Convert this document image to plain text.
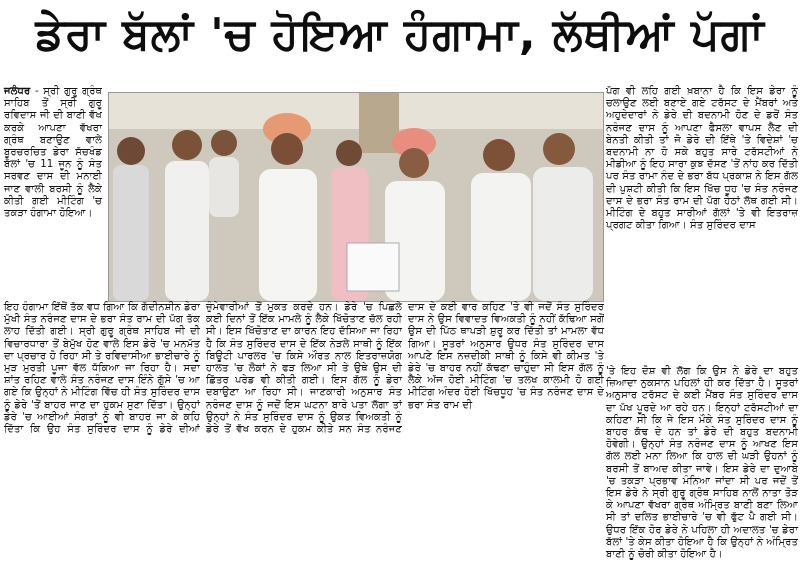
ਡੇਰਾ ਬੱਲਾਂ 'ਚ ਹੋਇਆ ਹੰਗਾਮਾ, ਲੱਥੀਆਂ ਪੱਗਾਂ

ਜਲੰਧਰ - ਸ੍ਰੀ ਗੁਰੂ ਗ੍ਰੰਥ ਸਾਹਿਬ ਤੋਂ ਸ੍ਰੀ ਗੁਰੂ ਰਵਿਦਾਸ ਜੀ ਦੀ ਬਾਣੀ ਵੱਖ ਕਰਕੇ ਆਪਣਾ ਵੱਖਰਾ ਗ੍ਰੰਥ ਬਣਾਉਣ ਵਾਲੇ ਬੂਰਚਰਚਿਤ ਡੇਰਾ ਸੱਚਖੰਡ ਬੱਲਾਂ 'ਚ 11 ਜੂਨ ਨੂੰ ਸੰਤ ਸਰਵਣ ਦਾਸ ਦੀ ਮਨਾਈ ਜਾਣ ਵਾਲੀ ਬਰਸੀ ਨੂੰ ਲੈਕੇ ਕੀਤੀ ਗਈ ਮੀਟਿੰਗ 'ਚ ਤਕੜਾ ਹੰਗਾਮਾ ਹੋਇਆ।

ਪੱਗ ਵੀ ਲਹਿ ਗਈ ਖ਼ਬਾਨਾ ਹੈ ਕਿ ਇਸ ਡੇਰਾ ਨੂੰ ਚਲਾਉਣ ਲਈ ਬਣਾਏ ਗਏ ਟਰੱਸਟ ਦੇ ਮੈਂਬਰਾਂ ਅਤੇ ਅਹੁਦੇਦਾਰਾਂ ਨੇ ਡੇਰੇ ਦੀ ਬਦਨਾਮੀ ਹੋਣ ਦੇ ਡਰੋਂ ਸੰਤ ਨਰੰਜਣ ਦਾਸ ਨੂੰ ਆਪਣਾ ਫੈਸਲਾ ਵਾਪਸ ਲੈਣ ਦੀ ਬੇਨਤੀ ਕੀਤੀ ਤਾਂ ਜੋ ਡੇਰੇ ਦੀ ਇੱਥੇ 'ਤੇ ਵਿਦੇਸ਼ਾਂ 'ਚ ਬਦਨਾਮੀ ਨਾ ਹੋ ਸਕੇ ਬਹੁਤ ਸਾਰੇ ਟਰੱਸਟੀਆਂ ਨੇ ਮੀਡੀਆ ਨੂੰ ਇਹ ਸਾਰਾ ਕੁਝ ਦੱਸਣ 'ਤੋਂ ਨਾਂਹ ਕਰ ਦਿੱਤੀ ਪਰ ਸੰਤ ਰਾਮਾ ਨੰਦ ਦੇ ਭਰਾ ਬੱਧ ਪ੍ਰਕਾਸ਼ ਨੇ ਇਸ ਗੱਲ ਦੀ ਪੁਸ਼ਟੀ ਕੀਤੀ ਕਿ ਇਸ ਖਿੱਚ ਧੂਹ 'ਚ ਸੰਤ ਨਰੰਜਣ ਦਾਸ ਦੇ ਭਰਾ ਸੰਤ ਰਾਮ ਦੀ ਪੱਗ ਹੇਠਾਂ ਲੱਥ ਗਈ ਸੀ। ਮੀਟਿੰਗ ਦੇ ਬਹੁਤ ਸਾਰੀਆਂ ਗੱਲਾਂ 'ਤੇ ਵੀ ਇਤਰਾਜ਼ ਪ੍ਰਗਟ ਕੀਤਾ ਗਿਆ। ਸੰਤ ਸੁਰਿੰਦਰ ਦਾਸ

ਇਹ ਹੰਗਾਮਾ ਇੱਥੋਂ ਤੱਕ ਵਧ ਗਿਆ ਕਿ ਗੱਦੀਨਸ਼ੀਨ ਡੇਰਾ ਮੁੱਖੀ ਸੰਤ ਨਰੰਜਣ ਦਾਸ ਦੇ ਭਰਾ ਸੰਤ ਰਾਮ ਦੀ ਪੱਗ ਤੱਕ ਲਾਹ ਦਿੱਤੀ ਗਈ। ਸ੍ਰੀ ਗੁਰੂ ਗ੍ਰੰਥ ਸਾਹਿਬ ਜੀ ਦੀ ਵਿਚਾਰਧਾਰਾ ਤੋਂ ਬੇਮੁੱਖ ਹੋਣ ਵਾਲੇ ਇਸ ਡੇਰੇ 'ਚ ਮਨਮੱਤ ਦਾ ਪ੍ਰਚਾਰ ਹੋ ਰਿਹਾ ਸੀ ਤੇ ਰਵਿਦਾਸੀਆ ਭਾਈਚਾਰੇ ਨੂੰ ਮੁੜ ਮੁਰਤੀ ਪੂਜਾ ਵੱਲ ਧੱਕਿਆ ਜਾ ਰਿਹਾ ਹੈ। ਸਦਾ ਸ਼ਾਂਤ ਰਹਿਣ ਵਾਲੇ ਸੰਤ ਨਰੰਜਣ ਦਾਸ ਇੰਨੇ ਗੁੱਸੇ 'ਚ ਆ ਗਏ ਕਿ ਉਨ੍ਹਾਂ ਨੇ ਮੀਟਿੰਗ ਵਿੱਚ ਹੀ ਸੰਤ ਸੁਰਿੰਦਰ ਦਾਸ ਨੂੰ ਡੇਰੇ 'ਤੋਂ ਬਾਹਰ ਜਾਣ ਦਾ ਹੁਕਮ ਸੁਣਾ ਦਿੱਤਾ। ਉਨ੍ਹਾਂ ਡੇਰੇ 'ਚ ਆਈਆਂ ਸੰਗਤਾਂ ਨੂੰ ਵੀ ਬਾਹਰ ਜਾ ਕੇ ਕਹਿ ਦਿੱਤਾ ਕਿ ਉਹ ਸੰਤ ਸੁਰਿੰਦਰ ਦਾਸ ਨੂੰ ਡੇਰੇ ਦੀਆਂ ਜ਼ੁੰਮੇਵਾਰੀਆਂ ਤੋਂ ਮੁਕਤ ਕਰਦੇ ਹਨ। ਡੇਰੇ 'ਚ ਪਿਛਲੇ ਕਈ ਦਿਨਾਂ ਤੋਂ ਇੱਕ ਮਾਮਲੇ ਨੂੰ ਲੈਕੇ ਖਿੱਚੋਤਾਣ ਚੱਲ ਰਹੀ ਸੀ। ਇਸ ਖਿੱਚੋਤਾਣ ਦਾ ਕਾਰਨ ਇਹ ਦੱਸਿਆ ਜਾ ਰਿਹਾ ਹੈ ਕਿ ਸੰਤ ਸੁਰਿੰਦਰ ਦਾਸ ਦੇ ਇੱਕ ਨੇੜਲੇ ਸਾਥੀ ਨੂੰ ਇੱਕ ਬਿਊਟੀ ਪਾਰਲਰ 'ਚ ਕਿਸੇ ਔਰਤ ਨਾਲ ਇਤਰਾਜ਼ਯੋਗ ਹਾਲਤ 'ਚ ਲੋਕਾਂ ਨੇ ਫੜ ਲਿਆ ਸੀ ਤੇ ਉਥੇ ਉਸ ਦੀ ਛਿੱਤਰ ਪਰੇਡ ਵੀ ਕੀਤੀ ਗਈ। ਇਸ ਗੱਲ ਨੂੰ ਡੇਰਾ ਦਬਾਉਣਾ ਆ ਰਿਹਾ ਸੀ। ਜਾਣਕਾਰੀ ਅਨੁਸਾਰ ਸੰਤ ਨਰੰਜਣ ਦਾਸ ਨੂੰ ਜਦੋਂ ਇਸ ਘਟਨਾ ਬਾਰੇ ਪਤਾ ਲੱਗਾ ਤਾਂ ਉਨ੍ਹਾਂ ਨੇ ਸੰਤ ਸੁਰਿੰਦਰ ਦਾਸ ਨੂੰ ਉਕਤ ਵਿਅਕਤੀ ਨੂੰ ਡੇਰੇ ਤੋਂ ਵੱਖ ਕਰਨ ਦੇ ਹੁਕਮ ਕੀਤੇ ਸਨ ਸੰਤ ਨਰੰਜਣ ਦਾਸ ਦੇ ਕਈ ਵਾਰ ਕਹਿਣ 'ਤੇ ਵੀ ਜਦੋਂ ਸੰਤ ਸੁਰਿੰਦਰ ਦਾਸ ਨੇ ਉਸ ਵਿਵਾਦਤ ਵਿਅਕਤੀ ਨੂੰ ਨਹੀਂ ਕੱਢਿਆ ਸਗੋਂ ਉਸ ਦੀ ਪਿੱਠ ਥਾਪੜੀ ਸ਼ੁਰੂ ਕਰ ਦਿੱਤੀ ਤਾਂ ਮਾਮਲਾ ਵੱਧ ਗਿਆ। ਸੂਤਰਾਂ ਅਨੁਸਾਰ ਉਧਰ ਸੰਤ ਸੁਰਿੰਦਰ ਦਾਸ ਆਪਣੇ ਇਸ ਨਜ਼ਦੀਕੀ ਸਾਥੀ ਨੂੰ ਕਿਸੇ ਵੀ ਕੀਮਤ 'ਤੇ ਡੇਰੇ 'ਚ ਬਾਹਰ ਨਹੀਂ ਕੱਢਣਾ ਚਾਹੁੰਦਾ ਸੀ ਇਸ ਗੱਲ ਨੂੰ ਲੈਕੇ ਅੱਜ ਹੋਈ ਮੀਟਿੰਗ 'ਚ ਤਲਖ ਕਾਲਮੀ ਹੋ ਗਈ ਮੀਟਿੰਗ ਅੰਦਰ ਹੋਈ ਖਿੱਚਧੂਹ 'ਚ ਸੰਤ ਨਰੰਜਣ ਦਾਸ ਦੇ ਭਰਾ ਸੰਤ ਰਾਮ ਦੀ

'ਤੇ ਇਹ ਦੋਸ਼ ਵੀ ਲੱਗ ਕਿ ਉਸ ਨੇ ਡੇਰੇ ਦਾ ਬਹੁਤ ਜ਼ਿਆਦਾ ਨੁਕਸਾਨ ਪਹਿਲਾਂ ਹੀ ਕਰ ਦਿੱਤਾ ਹੈ। ਸੂਤਰਾਂ ਅਨੁਸਾਰ ਟਰੱਸਟ ਦੇ ਕਈ ਮੈਂਬਰ ਸੰਤ ਸੁਰਿੰਦਰ ਦਾਸ ਦਾ ਪੱਖ ਪੂਰਦੇ ਆ ਰਹੇ ਹਨ। ਇਨ੍ਹਾਂ ਟਰੱਸਟੀਆਂ ਦਾ ਕਹਿਣਾ ਸੀ ਕਿ ਜੇ ਇਸ ਮੌਕੇ ਸੰਤ ਸੁਰਿੰਦਰ ਦਾਸ ਨੂੰ ਬਾਹਰ ਕੱਢ ਦੇ ਹਨ ਤਾਂ ਡੇਰੇ ਦੀ ਬਹੁਤ ਬਦਨਾਮੀ ਹੋਵੇਗੀ। ਉਨ੍ਹਾਂ ਸੰਤ ਨਰੰਜਣ ਦਾਸ ਨੂੰ ਆਖਣ ਇਸ ਗੱਲ ਲਈ ਮਨਾ ਲਿਆ ਕਿ ਹਾਲ ਦੀ ਘੜੀ ਉਹਨਾਂ ਨੂੰ ਬਰਸੀ ਤੋਂ ਬਾਅਦ ਕੀਤਾ ਜਾਵੇ। ਇਸ ਡੇਰੇ ਦਾ ਦੁਆਬੇ 'ਚ ਤਕੜਾ ਪ੍ਰਭਾਵ ਮੰਨਿਆ ਜਾਂਦਾ ਸੀ ਪਰ ਜਦੋਂ ਤੋਂ ਇਸ ਡੇਰੇ ਨੇ ਸ੍ਰੀ ਗੁਰੂ ਗ੍ਰੰਥ ਸਾਹਿਬ ਨਾਲੋਂ ਨਾਤਾ ਤੋੜ ਕੇ ਆਪਣਾ ਵੱਖਰਾ ਗ੍ਰੰਥ ਅੰਮ੍ਰਿਤ ਬਾਣੀ ਬਣਾ ਲਿਆ ਸੀ ਤਾਂ ਦਲਿਤ ਭਾਈਚਾਰੇ 'ਚ ਵੀ ਫੁੱਟ ਪੈ ਗਈ ਸੀ। ਉਧਰ ਇੱਕ ਹੋਰ ਡੇਰੇ ਨੇ ਪਹਿਲਾ ਹੀ ਅਦਾਲਤ 'ਚ ਡੇਰਾ ਬੱਲਾਂ 'ਤੇ ਕੇਸ ਕੀਤਾ ਹੋਇਆ ਹੈ ਕਿ ਉਨ੍ਹਾਂ ਨੇ ਅੰਮ੍ਰਿਤ ਬਾਣੀ ਨੂੰ ਚੋਰੀ ਕੀਤਾ ਹੋਇਆ ਹੈ।
